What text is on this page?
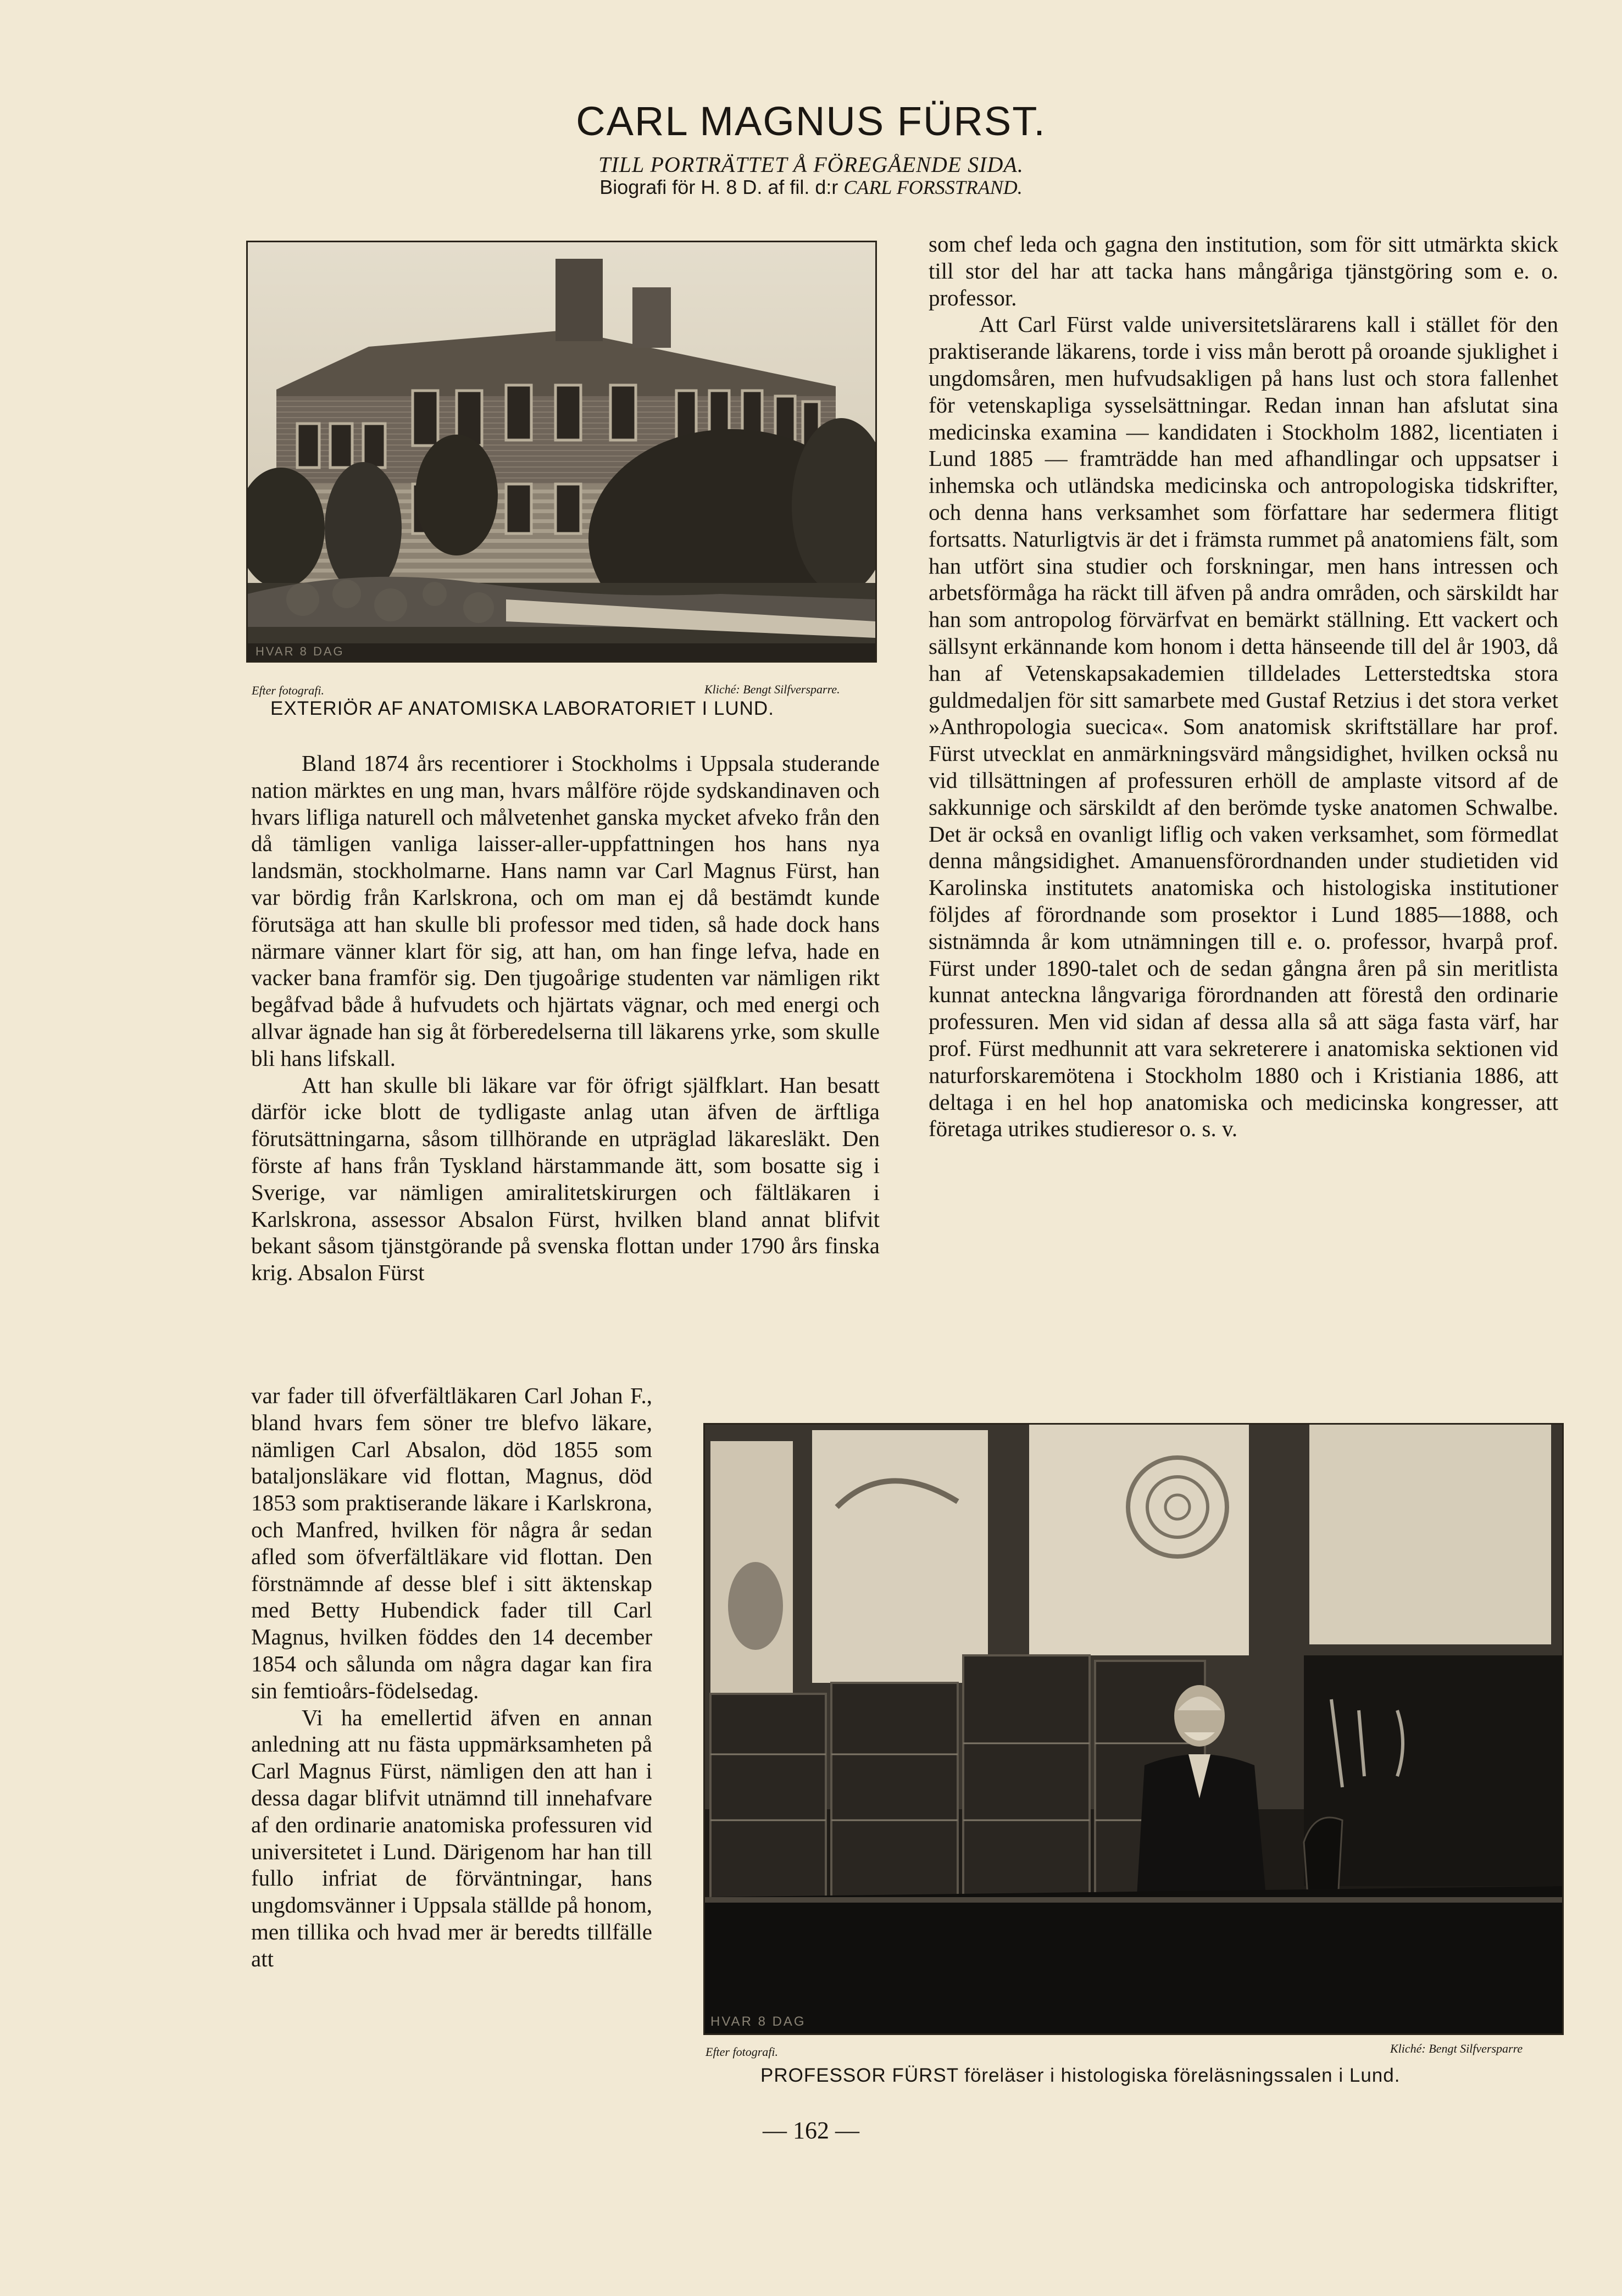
CARL MAGNUS FÜRST.
TILL PORTRÄTTET Å FÖREGÅENDE SIDA.
Biografi för H. 8 D. af fil. d:r CARL FORSSTRAND.
HVAR 8 DAG
Efter fotografi.	Kliché: Bengt Silfversparre.
EXTERIÖR AF ANATOMISKA LABORATORIET I LUND.

Bland 1874 års recentiorer i Stockholms i Uppsala studerande nation märktes en ung man, hvars målföre röjde sydskandinaven och hvars lifliga naturell och målvetenhet ganska mycket afveko från den då tämligen vanliga laisser-aller-uppfattningen hos hans nya landsmän, stockholmarne. Hans namn var Carl Magnus Fürst, han var bördig från Karlskrona, och om man ej då bestämdt kunde förutsäga att han skulle bli professor med tiden, så hade dock hans närmare vänner klart för sig, att han, om han finge lefva, hade en vacker bana framför sig. Den tjugoårige studenten var nämligen rikt begåfvad både å hufvudets och hjärtats vägnar, och med energi och allvar ägnade han sig åt förberedelserna till läkarens yrke, som skulle bli hans lifskall.

Att han skulle bli läkare var för öfrigt själfklart. Han besatt därför icke blott de tydligaste anlag utan äfven de ärftliga förutsättningarna, såsom tillhörande en utpräglad läkaresläkt. Den förste af hans från Tyskland härstammande ätt, som bosatte sig i Sverige, var nämligen amiralitetskirurgen och fältläkaren i Karlskrona, assessor Absalon Fürst, hvilken bland annat blifvit bekant såsom tjänstgörande på svenska flottan under 1790 års finska krig. Absalon Fürst

var fader till öfverfältläkaren Carl Johan F., bland hvars fem söner tre blefvo läkare, nämligen Carl Absalon, död 1855 som bataljonsläkare vid flottan, Magnus, död 1853 som praktiserande läkare i Karlskrona, och Manfred, hvilken för några år sedan afled som öfverfältläkare vid flottan. Den förstnämnde af desse blef i sitt äktenskap med Betty Hubendick fader till Carl Magnus, hvilken föddes den 14 december 1854 och sålunda om några dagar kan fira sin femtioårs-födelsedag.

Vi ha emellertid äfven en annan anledning att nu fästa uppmärksamheten på Carl Magnus Fürst, nämligen den att han i dessa dagar blifvit utnämnd till innehafvare af den ordinarie anatomiska professuren vid universitetet i Lund. Därigenom har han till fullo infriat de förväntningar, hans ungdomsvänner i Uppsala ställde på honom, men tillika och hvad mer är beredts tillfälle att

som chef leda och gagna den institution, som för sitt utmärkta skick till stor del har att tacka hans mångåriga tjänstgöring som e. o. professor.

Att Carl Fürst valde universitetslärarens kall i stället för den praktiserande läkarens, torde i viss mån berott på oroande sjuklighet i ungdomsåren, men hufvudsakligen på hans lust och stora fallenhet för vetenskapliga sysselsättningar. Redan innan han afslutat sina medicinska examina — kandidaten i Stockholm 1882, licentiaten i Lund 1885 — framträdde han med afhandlingar och uppsatser i inhemska och utländska medicinska och antropologiska tidskrifter, och denna hans verksamhet som författare har sedermera flitigt fortsatts. Naturligtvis är det i främsta rummet på anatomiens fält, som han utfört sina studier och forskningar, men hans intressen och arbetsförmåga ha räckt till äfven på andra områden, och särskildt har han som antropolog förvärfvat en bemärkt ställning. Ett vackert och sällsynt erkännande kom honom i detta hänseende till del år 1903, då han af Vetenskapsakademien tilldelades Letterstedtska stora guldmedaljen för sitt samarbete med Gustaf Retzius i det stora verket »Anthropologia suecica«. Som anatomisk skriftställare har prof. Fürst utvecklat en anmärkningsvärd mångsidighet, hvilken också nu vid tillsättningen af professuren erhöll de amplaste vitsord af de sakkunnige och särskildt af den berömde tyske anatomen Schwalbe. Det är också en ovanligt liflig och vaken verksamhet, som förmedlat denna mångsidighet. Amanuensförordnanden under studietiden vid Karolinska institutets anatomiska och histologiska institutioner följdes af förordnande som prosektor i Lund 1885—1888, och sistnämnda år kom utnämningen till e. o. professor, hvarpå prof. Fürst under 1890-talet och de sedan gångna åren på sin meritlista kunnat anteckna långvariga förordnanden att förestå den ordinarie professuren. Men vid sidan af dessa alla så att säga fasta värf, har prof. Fürst medhunnit att vara sekreterere i anatomiska sektionen vid naturforskaremötena i Stockholm 1880 och i Kristiania 1886, att deltaga i en hel hop anatomiska och medicinska kongresser, att företaga utrikes studieresor o. s. v.

HVAR 8 DAG
Efter fotografi.	Kliché: Bengt Silfversparre
PROFESSOR FÜRST föreläser i histologiska föreläsningssalen i Lund.
— 162 —
